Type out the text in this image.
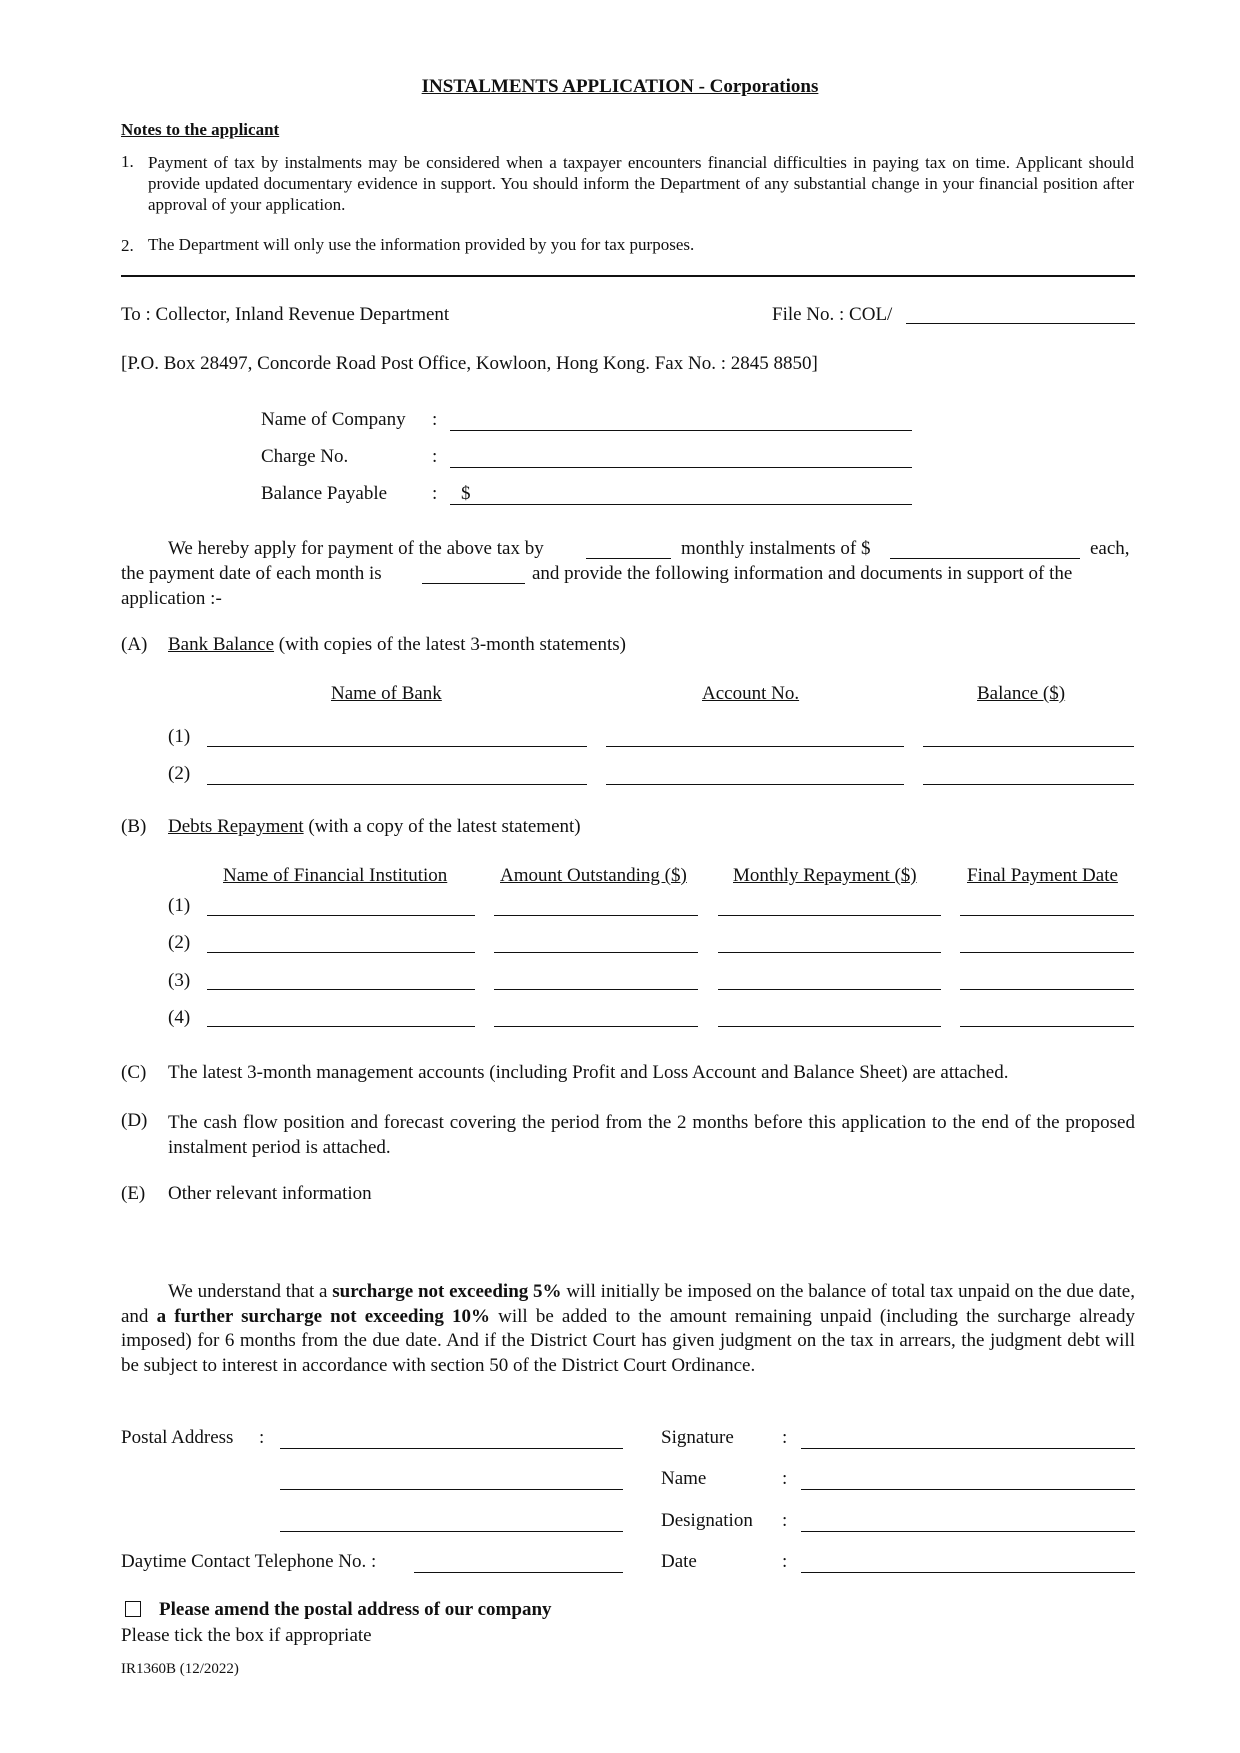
INSTALMENTS APPLICATION - Corporations
Notes to the applicant
1. Payment of tax by instalments may be considered when a taxpayer encounters financial difficulties in paying tax on time. Applicant should provide updated documentary evidence in support. You should inform the Department of any substantial change in your financial position after approval of your application.
2. The Department will only use the information provided by you for tax purposes.
To : Collector, Inland Revenue Department	File No. : COL/
[P.O. Box 28497, Concorde Road Post Office, Kowloon, Hong Kong. Fax No. : 2845 8850]
Name of Company :
Charge No.	:
Balance Payable : $
We hereby apply for payment of the above tax by	monthly instalments of $	each,
the payment date of each month is	and provide the following information and documents in support of the
application :-
(A) Bank Balance (with copies of the latest 3-month statements)
Name of Bank	Account No.	Balance ($)
(1)
(2)
(B) Debts Repayment (with a copy of the latest statement)
Name of Financial Institution	Amount Outstanding ($) Monthly Repayment ($)	Final Payment Date
(1)
(2)
(3)
(4)
(C) The latest 3-month management accounts (including Profit and Loss Account and Balance Sheet) are attached.
(D) The cash flow position and forecast covering the period from the 2 months before this application to the end of the proposed instalment period is attached.
(E) Other relevant information
We understand that a surcharge not exceeding 5% will initially be imposed on the balance of total tax unpaid on the due date, and a further surcharge not exceeding 10% will be added to the amount remaining unpaid (including the surcharge already imposed) for 6 months from the due date. And if the District Court has given judgment on the tax in arrears, the judgment debt will be subject to interest in accordance with section 50 of the District Court Ordinance.
Postal Address :
Daytime Contact Telephone No. :
Signature	:
Name	:
Designation :
Date	:
Please amend the postal address of our company
Please tick the box if appropriate
IR1360B (12/2022)
